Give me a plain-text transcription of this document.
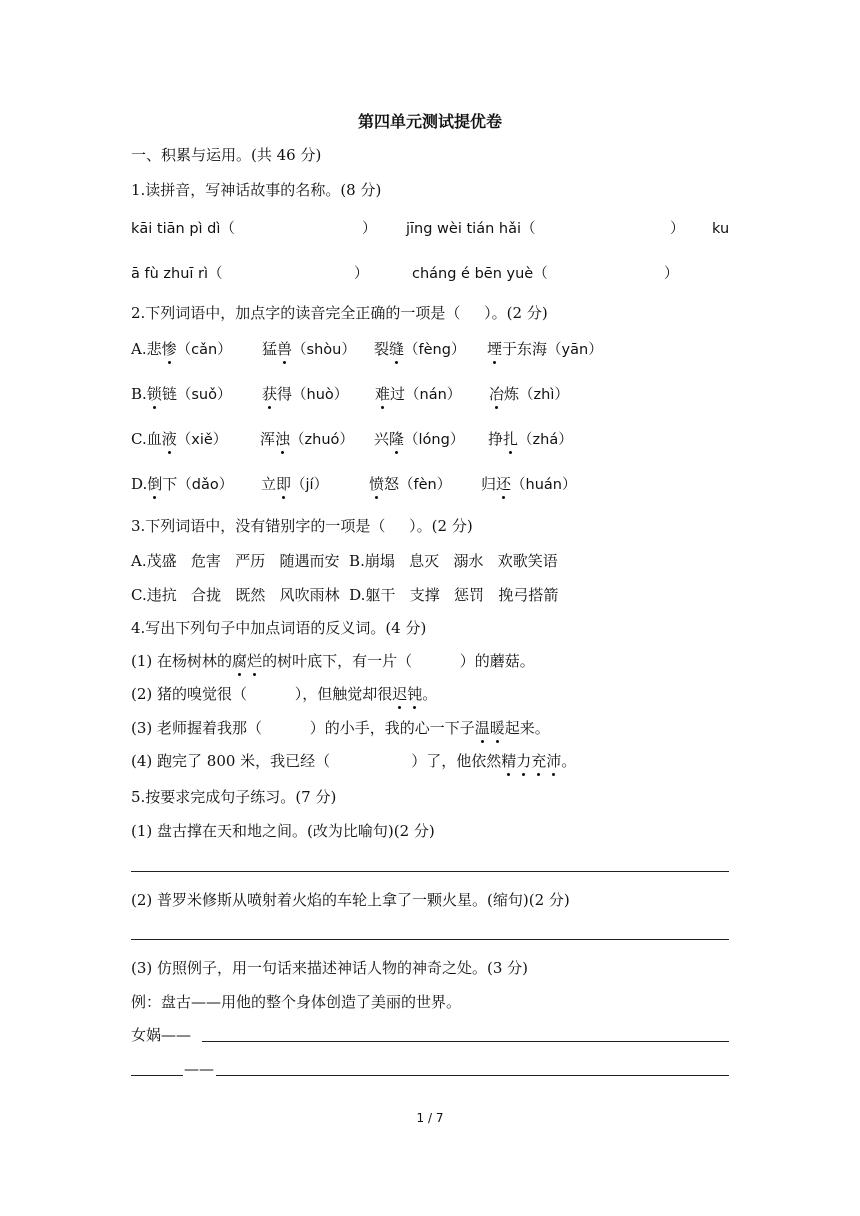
第四单元测试提优卷
一、积累与运用。(共 46 分)
1.读拼音，写神话故事的名称。(8 分)
kāi tiān pì dì（	） jīng wèi tián hǎi（	） ku
ā fù zhuī rì（	）	cháng é bēn yuè（	）
2.下列词语中，加点字的读音完全正确的一项是（     ）。(2 分)
A.悲惨（cǎn） 猛兽（shòu） 裂缝（fèng） 堙于东海（yān）
B.锁链（suǒ） 获得（huò） 难过（nán） 冶炼（zhì）
C.血液（xiě） 浑浊（zhuó） 兴隆（lóng） 挣扎（zhá）
D.倒下（dǎo） 立即（jí）	愤怒（fèn） 归还（huán）
3.下列词语中，没有错别字的一项是（     ）。(2 分)
A.茂盛   危害   严历   随遇而安  B.崩塌   息灭   溺水   欢歌笑语
C.违抗   合拢   既然   风吹雨林  D.躯干   支撑   惩罚   挽弓搭箭
4.写出下列句子中加点词语的反义词。(4 分)
(1) 在杨树林的腐烂的树叶底下，有一片（          ）的蘑菇。
(2) 猪的嗅觉很（          ），但触觉却很迟钝。
(3) 老师握着我那（          ）的小手，我的心一下子温暖起来。
(4) 跑完了 800 米，我已经（                 ）了，他依然精力充沛。
5.按要求完成句子练习。(7 分)
(1) 盘古撑在天和地之间。(改为比喻句)(2 分)
(2) 普罗米修斯从喷射着火焰的车轮上拿了一颗火星。(缩句)(2 分)
(3) 仿照例子，用一句话来描述神话人物的神奇之处。(3 分)
例：盘古——用他的整个身体创造了美丽的世界。
女娲——
——
1 / 7
